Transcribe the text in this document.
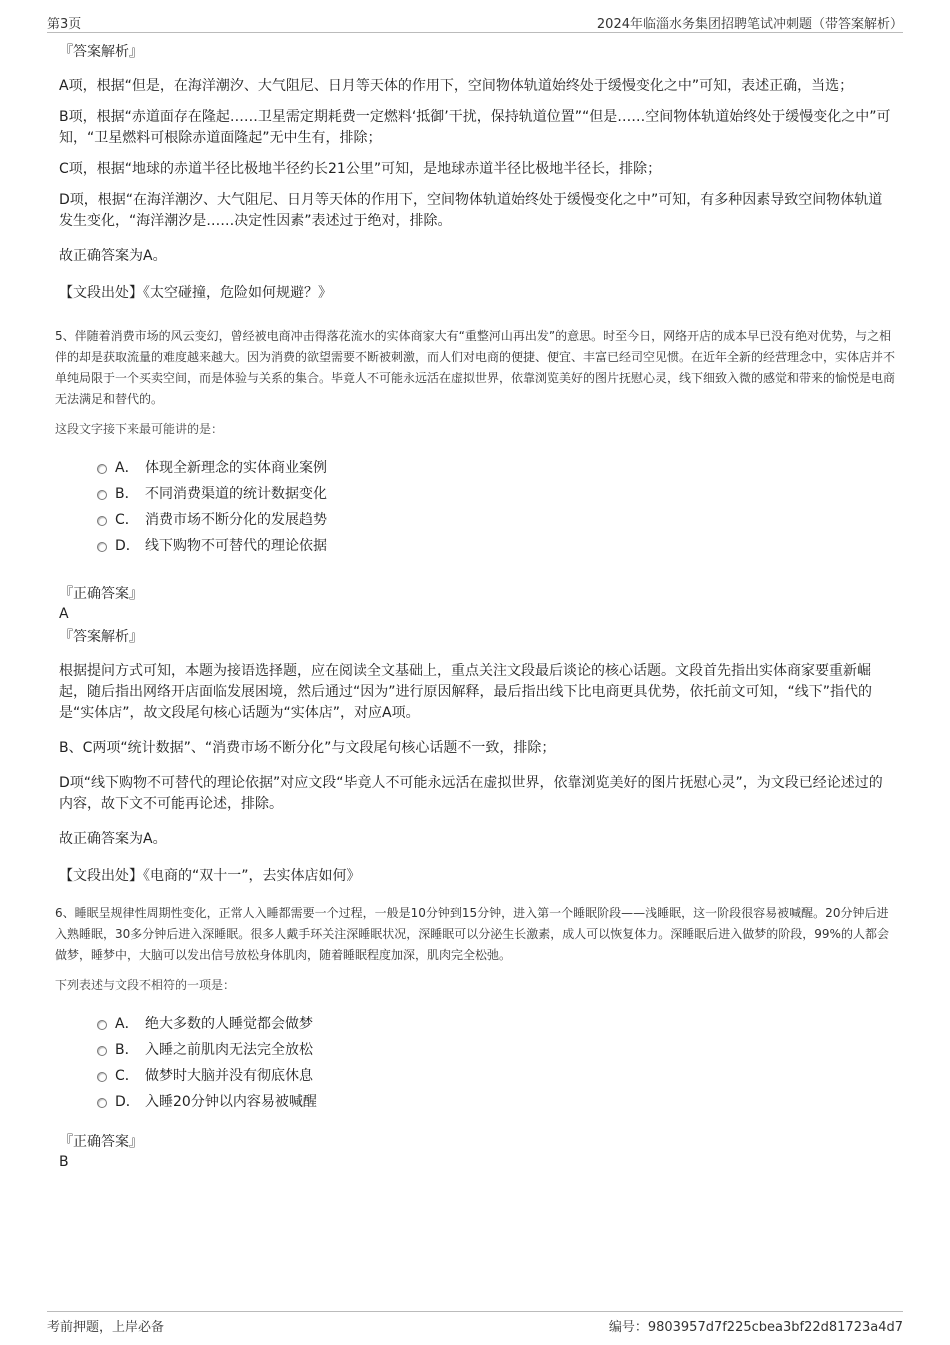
第3页	2024年临淄水务集团招聘笔试冲刺题（带答案解析）
『答案解析』

A项，根据“但是，在海洋潮汐、大气阻尼、日月等天体的作用下，空间物体轨道始终处于缓慢变化之中”可知，表述正确，当选；

B项，根据“赤道面存在隆起……卫星需定期耗费一定燃料‘抵御’干扰，保持轨道位置”“但是……空间物体轨道始终处于缓慢变化之中”可知，“卫星燃料可根除赤道面隆起”无中生有，排除；

C项，根据“地球的赤道半径比极地半径约长21公里”可知，是地球赤道半径比极地半径长，排除；

D项，根据“在海洋潮汐、大气阻尼、日月等天体的作用下，空间物体轨道始终处于缓慢变化之中”可知，有多种因素导致空间物体轨道发生变化，“海洋潮汐是……决定性因素”表述过于绝对，排除。

故正确答案为A。

【文段出处】《太空碰撞，危险如何规避？》
5、伴随着消费市场的风云变幻，曾经被电商冲击得落花流水的实体商家大有“重整河山再出发”的意思。时至今日，网络开店的成本早已没有绝对优势，与之相伴的却是获取流量的难度越来越大。因为消费的欲望需要不断被刺激，而人们对电商的便捷、便宜、丰富已经司空见惯。在近年全新的经营理念中，实体店并不单纯局限于一个买卖空间，而是体验与关系的集合。毕竟人不可能永远活在虚拟世界，依靠浏览美好的图片抚慰心灵，线下细致入微的感觉和带来的愉悦是电商无法满足和替代的。
这段文字接下来最可能讲的是：
A． 体现全新理念的实体商业案例
B． 不同消费渠道的统计数据变化
C． 消费市场不断分化的发展趋势
D． 线下购物不可替代的理论依据
『正确答案』
A
『答案解析』

根据提问方式可知，本题为接语选择题，应在阅读全文基础上，重点关注文段最后谈论的核心话题。文段首先指出实体商家要重新崛起，随后指出网络开店面临发展困境，然后通过“因为”进行原因解释，最后指出线下比电商更具优势，依托前文可知，“线下”指代的是“实体店”，故文段尾句核心话题为“实体店”，对应A项。

B、C两项“统计数据”、“消费市场不断分化”与文段尾句核心话题不一致，排除；

D项“线下购物不可替代的理论依据”对应文段“毕竟人不可能永远活在虚拟世界，依靠浏览美好的图片抚慰心灵”，为文段已经论述过的内容，故下文不可能再论述，排除。

故正确答案为A。

【文段出处】《电商的“双十一”，去实体店如何》
6、睡眠呈规律性周期性变化，正常人入睡都需要一个过程，一般是10分钟到15分钟，进入第一个睡眠阶段——浅睡眠，这一阶段很容易被喊醒。20分钟后进入熟睡眠，30多分钟后进入深睡眠。很多人戴手环关注深睡眠状况，深睡眠可以分泌生长激素，成人可以恢复体力。深睡眠后进入做梦的阶段，99%的人都会做梦，睡梦中，大脑可以发出信号放松身体肌肉，随着睡眠程度加深，肌肉完全松弛。
下列表述与文段不相符的一项是：
A． 绝大多数的人睡觉都会做梦
B． 入睡之前肌肉无法完全放松
C． 做梦时大脑并没有彻底休息
D． 入睡20分钟以内容易被喊醒
『正确答案』
B
考前押题，上岸必备	编号：9803957d7f225cbea3bf22d81723a4d7
